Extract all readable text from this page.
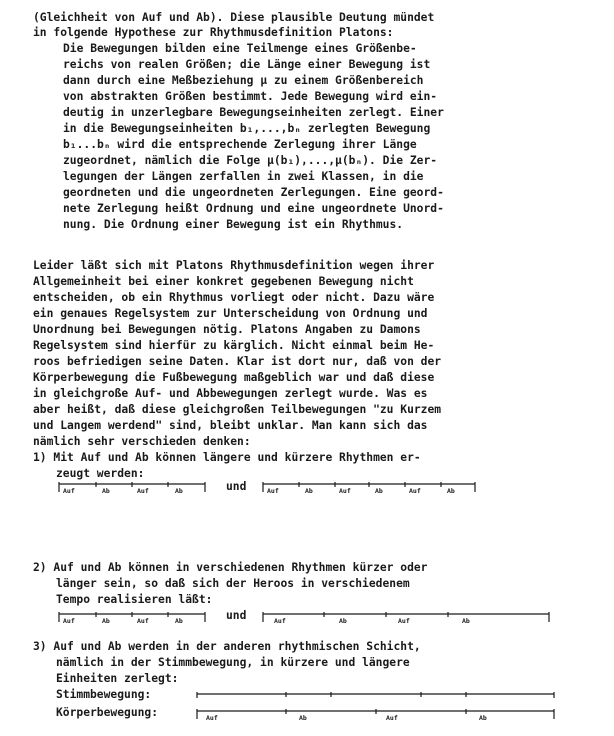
(Gleichheit von Auf und Ab). Diese plausible Deutung mündet
in folgende Hypothese zur Rhythmusdefinition Platons:
Die Bewegungen bilden eine Teilmenge eines Größenbe-
reichs von realen Größen; die Länge einer Bewegung ist
dann durch eine Meßbeziehung μ zu einem Größenbereich
von abstrakten Größen bestimmt. Jede Bewegung wird ein-
deutig in unzerlegbare Bewegungseinheiten zerlegt. Einer
in die Bewegungseinheiten b₁,...,bₙ zerlegten Bewegung
b₁...bₙ wird die entsprechende Zerlegung ihrer Länge
zugeordnet, nämlich die Folge μ(b₁),...,μ(bₙ). Die Zer-
legungen der Längen zerfallen in zwei Klassen, in die
geordneten und die ungeordneten Zerlegungen. Eine geord-
nete Zerlegung heißt Ordnung und eine ungeordnete Unord-
nung. Die Ordnung einer Bewegung ist ein Rhythmus.
Leider läßt sich mit Platons Rhythmusdefinition wegen ihrer
Allgemeinheit bei einer konkret gegebenen Bewegung nicht
entscheiden, ob ein Rhythmus vorliegt oder nicht. Dazu wäre
ein genaues Regelsystem zur Unterscheidung von Ordnung und
Unordnung bei Bewegungen nötig. Platons Angaben zu Damons
Regelsystem sind hierfür zu kärglich. Nicht einmal beim He-
roos befriedigen seine Daten. Klar ist dort nur, daß von der
Körperbewegung die Fußbewegung maßgeblich war und daß diese
in gleichgroße Auf- und Abbewegungen zerlegt wurde. Was es
aber heißt, daß diese gleichgroßen Teilbewegungen "zu Kurzem
und Langem werdend" sind, bleibt unklar. Man kann sich das
nämlich sehr verschieden denken:
1) Mit Auf und Ab können längere und kürzere Rhythmen er-
zeugt werden:
Auf	Ab	Auf	Ab	und	Auf	Ab	Auf	Ab	Auf	Ab
2) Auf und Ab können in verschiedenen Rhythmen kürzer oder
länger sein, so daß sich der Heroos in verschiedenem
Tempo realisieren läßt:
Auf	Ab	Auf	Ab	und	Auf	Ab	Auf	Ab
3) Auf und Ab werden in der anderen rhythmischen Schicht,
nämlich in der Stimmbewegung, in kürzere und längere
Einheiten zerlegt:
Stimmbewegung:
Körperbewegung:	Auf	Ab	Auf	Ab
